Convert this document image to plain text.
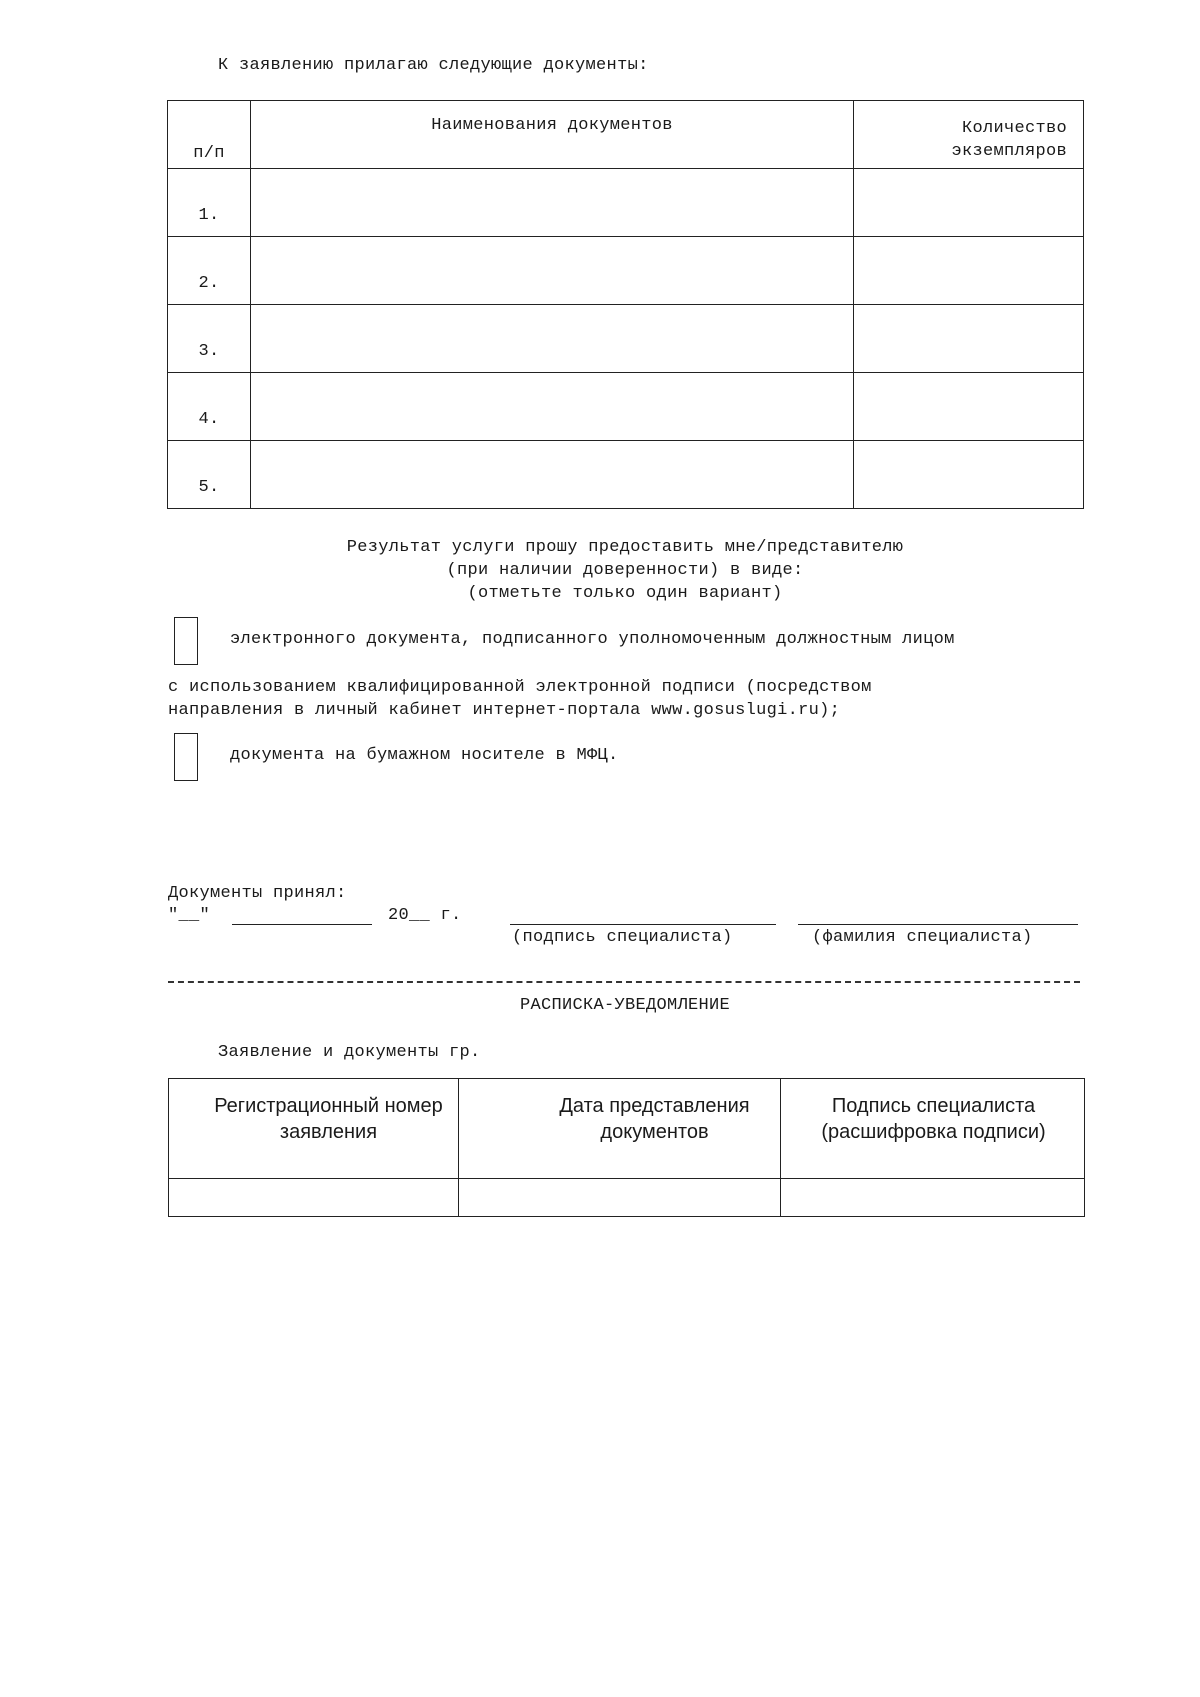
К заявлению прилагаю следующие документы:
п/п	Наименования документов	Количество экземпляров

1.		

2.		

3.		

4.		

5.		

Результат услуги прошу предоставить мне/представителю
(при наличии доверенности) в виде:
(отметьте только один вариант)
электронного документа, подписанного уполномоченным должностным лицом
с использованием квалифицированной электронной подписи (посредством
направления в личный кабинет интернет-портала www.gosuslugi.ru);
документа на бумажном носителе в МФЦ.
Документы принял:
"__"	20__ г.
(подпись специалиста)	(фамилия специалиста)
РАСПИСКА-УВЕДОМЛЕНИЕ
Заявление и документы гр.
Регистрационный номер заявления	Дата представления документов	Подпись специалиста (расшифровка подписи)
